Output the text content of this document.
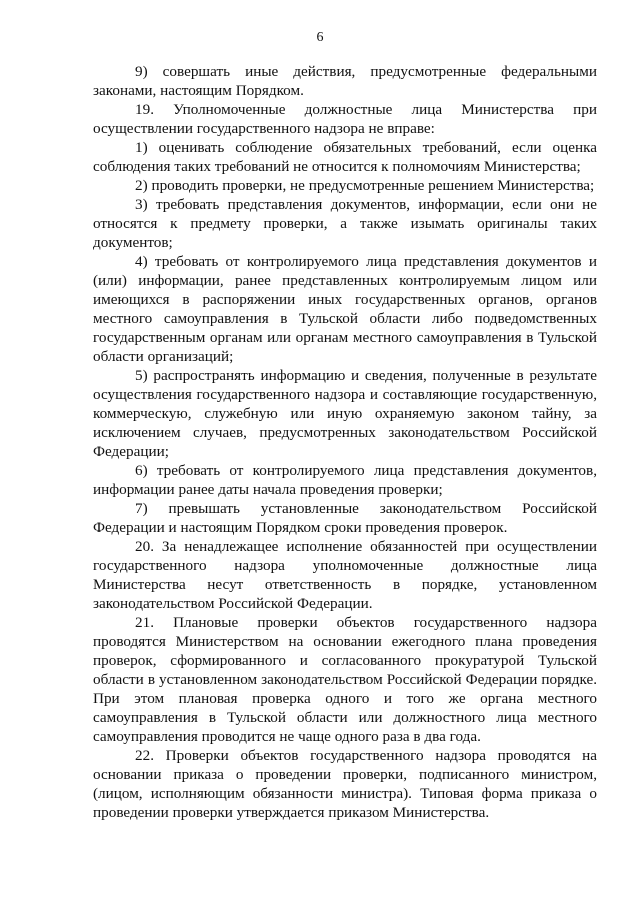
6

9) совершать иные действия, предусмотренные федеральными законами, настоящим Порядком.

19. Уполномоченные должностные лица Министерства при осуществлении государственного надзора не вправе:

1) оценивать соблюдение обязательных требований, если оценка соблюдения таких требований не относится к полномочиям Министерства;

2) проводить проверки, не предусмотренные решением Министерства;

3) требовать представления документов, информации, если они не относятся к предмету проверки, а также изымать оригиналы таких документов;

4) требовать от контролируемого лица представления документов и (или) информации, ранее представленных контролируемым лицом или имеющихся в распоряжении иных государственных органов, органов местного самоуправления в Тульской области либо подведомственных государственным органам или органам местного самоуправления в Тульской области организаций;

5) распространять информацию и сведения, полученные в результате осуществления государственного надзора и составляющие государственную, коммерческую, служебную или иную охраняемую законом тайну, за исключением случаев, предусмотренных законодательством Российской Федерации;

6) требовать от контролируемого лица представления документов, информации ранее даты начала проведения проверки;

7) превышать установленные законодательством Российской Федерации и настоящим Порядком сроки проведения проверок.

20. За ненадлежащее исполнение обязанностей при осуществлении государственного надзора уполномоченные должностные лица Министерства несут ответственность в порядке, установленном законодательством Российской Федерации.

21. Плановые проверки объектов государственного надзора проводятся Министерством на основании ежегодного плана проведения проверок, сформированного и согласованного прокуратурой Тульской области в установленном законодательством Российской Федерации порядке. При этом плановая проверка одного и того же органа местного самоуправления в Тульской области или должностного лица местного самоуправления проводится не чаще одного раза в два года.

22. Проверки объектов государственного надзора проводятся на основании приказа о проведении проверки, подписанного министром, (лицом, исполняющим обязанности министра). Типовая форма приказа о проведении проверки утверждается приказом Министерства.
